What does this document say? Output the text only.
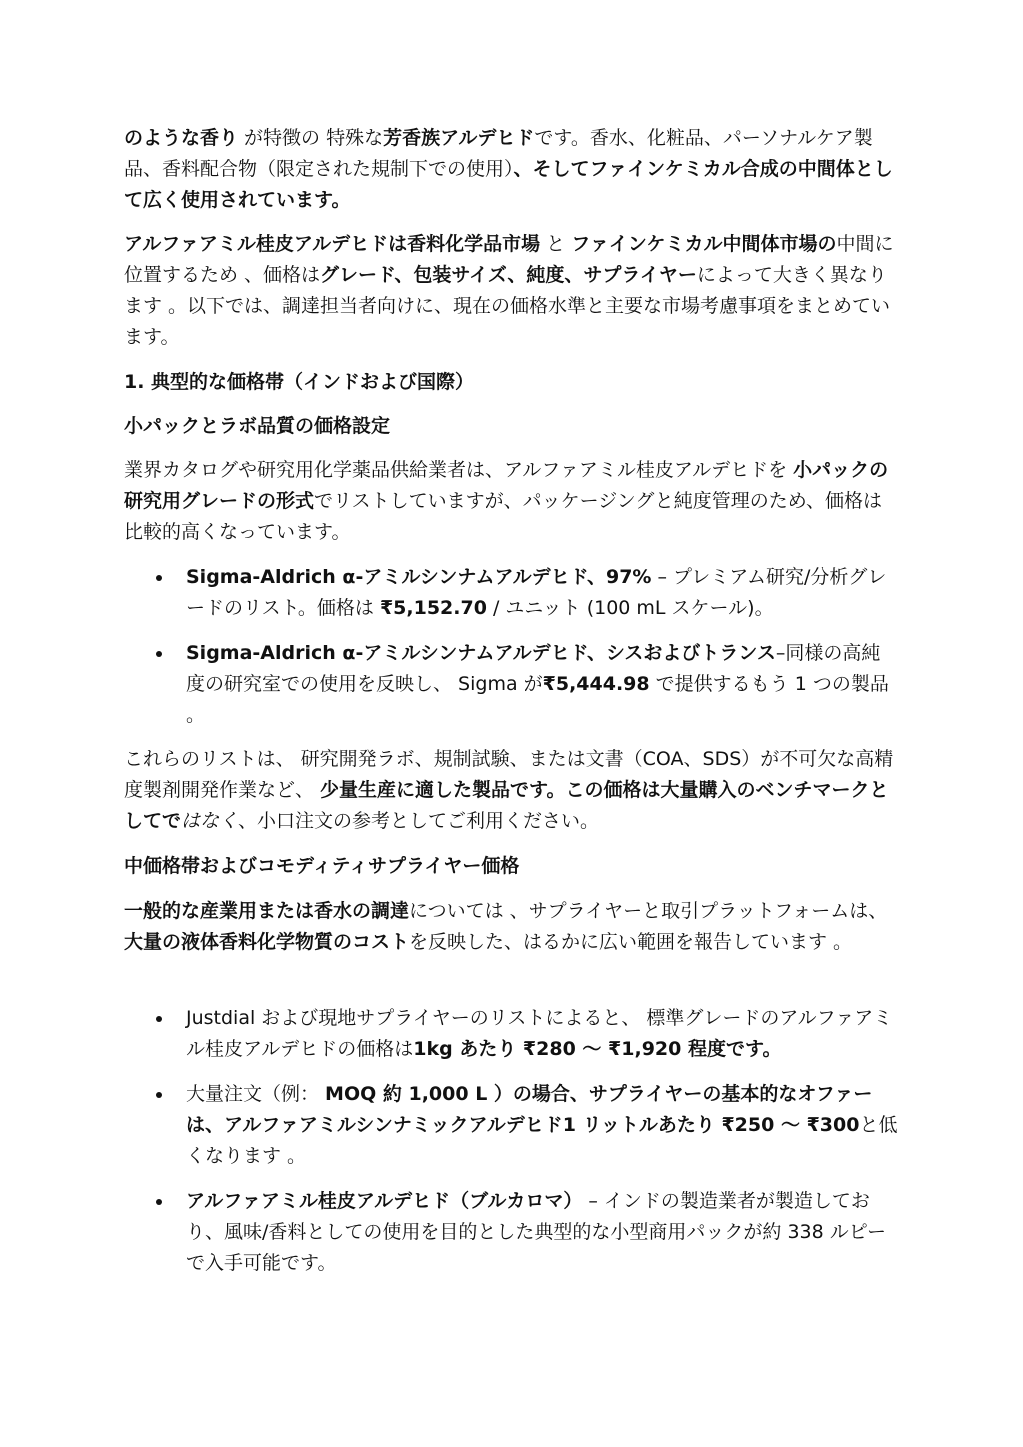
のような香り が特徴の 特殊な芳香族アルデヒドです。香水、化粧品、パーソナルケア製品、香料配合物（限定された規制下での使用）、そしてファインケミカル合成の中間体として広く使用されています。

アルファアミル桂皮アルデヒドは香料化学品市場 と ファインケミカル中間体市場の中間に位置するため 、価格はグレード、包装サイズ、純度、サプライヤーによって大きく異なります 。以下では、調達担当者向けに、現在の価格水準と主要な市場考慮事項をまとめています。

1. 典型的な価格帯（インドおよび国際）

小パックとラボ品質の価格設定

業界カタログや研究用化学薬品供給業者は、アルファアミル桂皮アルデヒドを 小パックの研究用グレードの形式でリストしていますが、パッケージングと純度管理のため、価格は比較的高くなっています。

Sigma-Aldrich α-アミルシンナムアルデヒド、97% – プレミアム研究/分析グレードのリスト。価格は ₹5,152.70 / ユニット (100 mL スケール)。
Sigma-Aldrich α-アミルシンナムアルデヒド、シスおよびトランス–同様の高純度の研究室での使用を反映し、 Sigma が₹5,444.98 で提供するもう 1 つの製品 。

これらのリストは、 研究開発ラボ、規制試験、または文書（COA、SDS）が不可欠な高精度製剤開発作業など、 少量生産に適した製品です。この価格は大量購入のベンチマークとしてではなく、小口注文の参考としてご利用ください。

中価格帯およびコモディティサプライヤー価格

一般的な産業用または香水の調達については 、サプライヤーと取引プラットフォームは、大量の液体香料化学物質のコストを反映した、はるかに広い範囲を報告しています 。

Justdial および現地サプライヤーのリストによると、 標準グレードのアルファアミル桂皮アルデヒドの価格は1kg あたり ₹280 〜 ₹1,920 程度です。
大量注文（例： MOQ 約 1,000 L ）の場合、サプライヤーの基本的なオファーは、アルファアミルシンナミックアルデヒド1 リットルあたり ₹250 〜 ₹300と低くなります 。
アルファアミル桂皮アルデヒド（ブルカロマ） – インドの製造業者が製造しており、風味/香料としての使用を目的とした典型的な小型商用パックが約 338 ルピーで入手可能です。
